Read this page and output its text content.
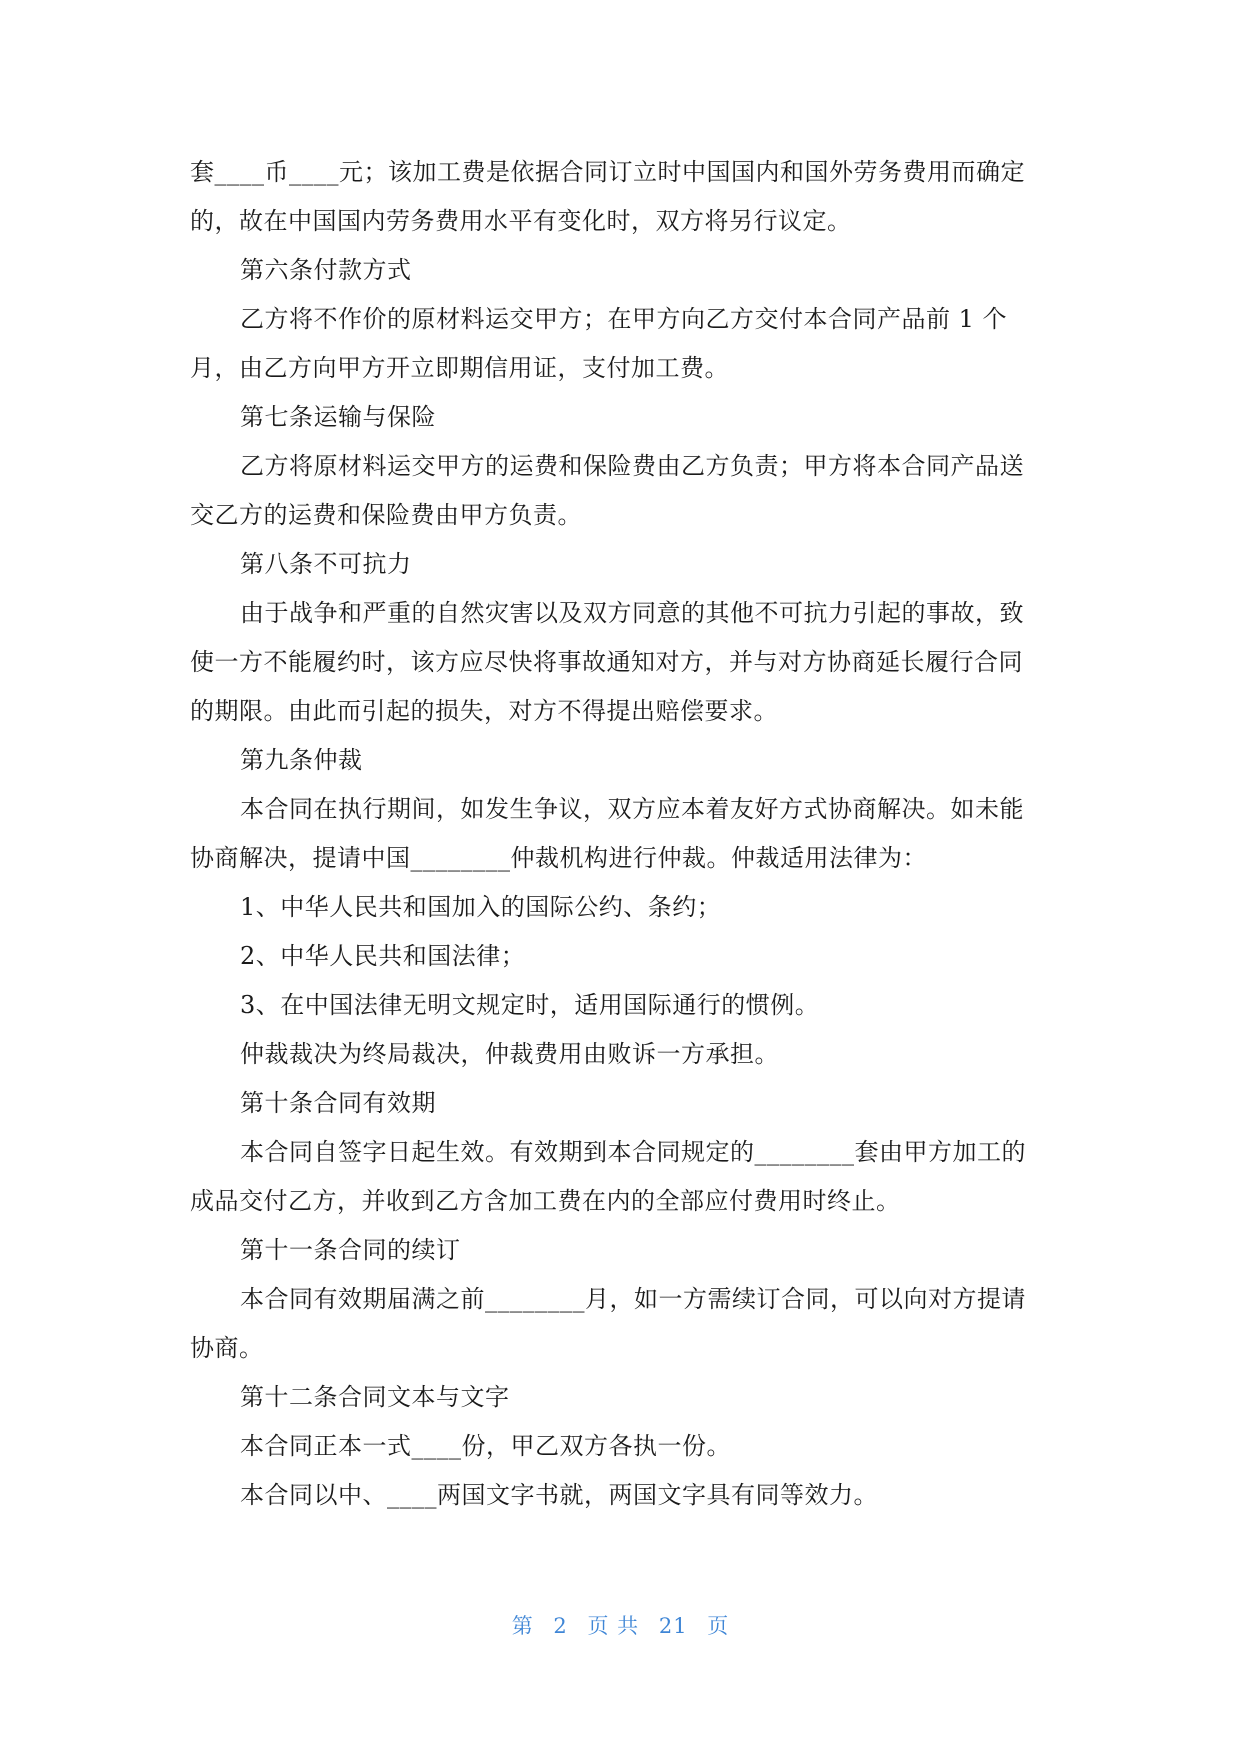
套____币____元；该加工费是依据合同订立时中国国内和国外劳务费用而确定
的，故在中国国内劳务费用水平有变化时，双方将另行议定。
第六条付款方式
乙方将不作价的原材料运交甲方；在甲方向乙方交付本合同产品前 1 个
月，由乙方向甲方开立即期信用证，支付加工费。
第七条运输与保险
乙方将原材料运交甲方的运费和保险费由乙方负责；甲方将本合同产品送
交乙方的运费和保险费由甲方负责。
第八条不可抗力
由于战争和严重的自然灾害以及双方同意的其他不可抗力引起的事故，致
使一方不能履约时，该方应尽快将事故通知对方，并与对方协商延长履行合同
的期限。由此而引起的损失，对方不得提出赔偿要求。
第九条仲裁
本合同在执行期间，如发生争议，双方应本着友好方式协商解决。如未能
协商解决，提请中国________仲裁机构进行仲裁。仲裁适用法律为：
1、中华人民共和国加入的国际公约、条约；
2、中华人民共和国法律；
3、在中国法律无明文规定时，适用国际通行的惯例。
仲裁裁决为终局裁决，仲裁费用由败诉一方承担。
第十条合同有效期
本合同自签字日起生效。有效期到本合同规定的________套由甲方加工的
成品交付乙方，并收到乙方含加工费在内的全部应付费用时终止。
第十一条合同的续订
本合同有效期届满之前________月，如一方需续订合同，可以向对方提请
协商。
第十二条合同文本与文字
本合同正本一式____份，甲乙双方各执一份。
本合同以中、____两国文字书就，两国文字具有同等效力。
第 2 页 共 21 页
